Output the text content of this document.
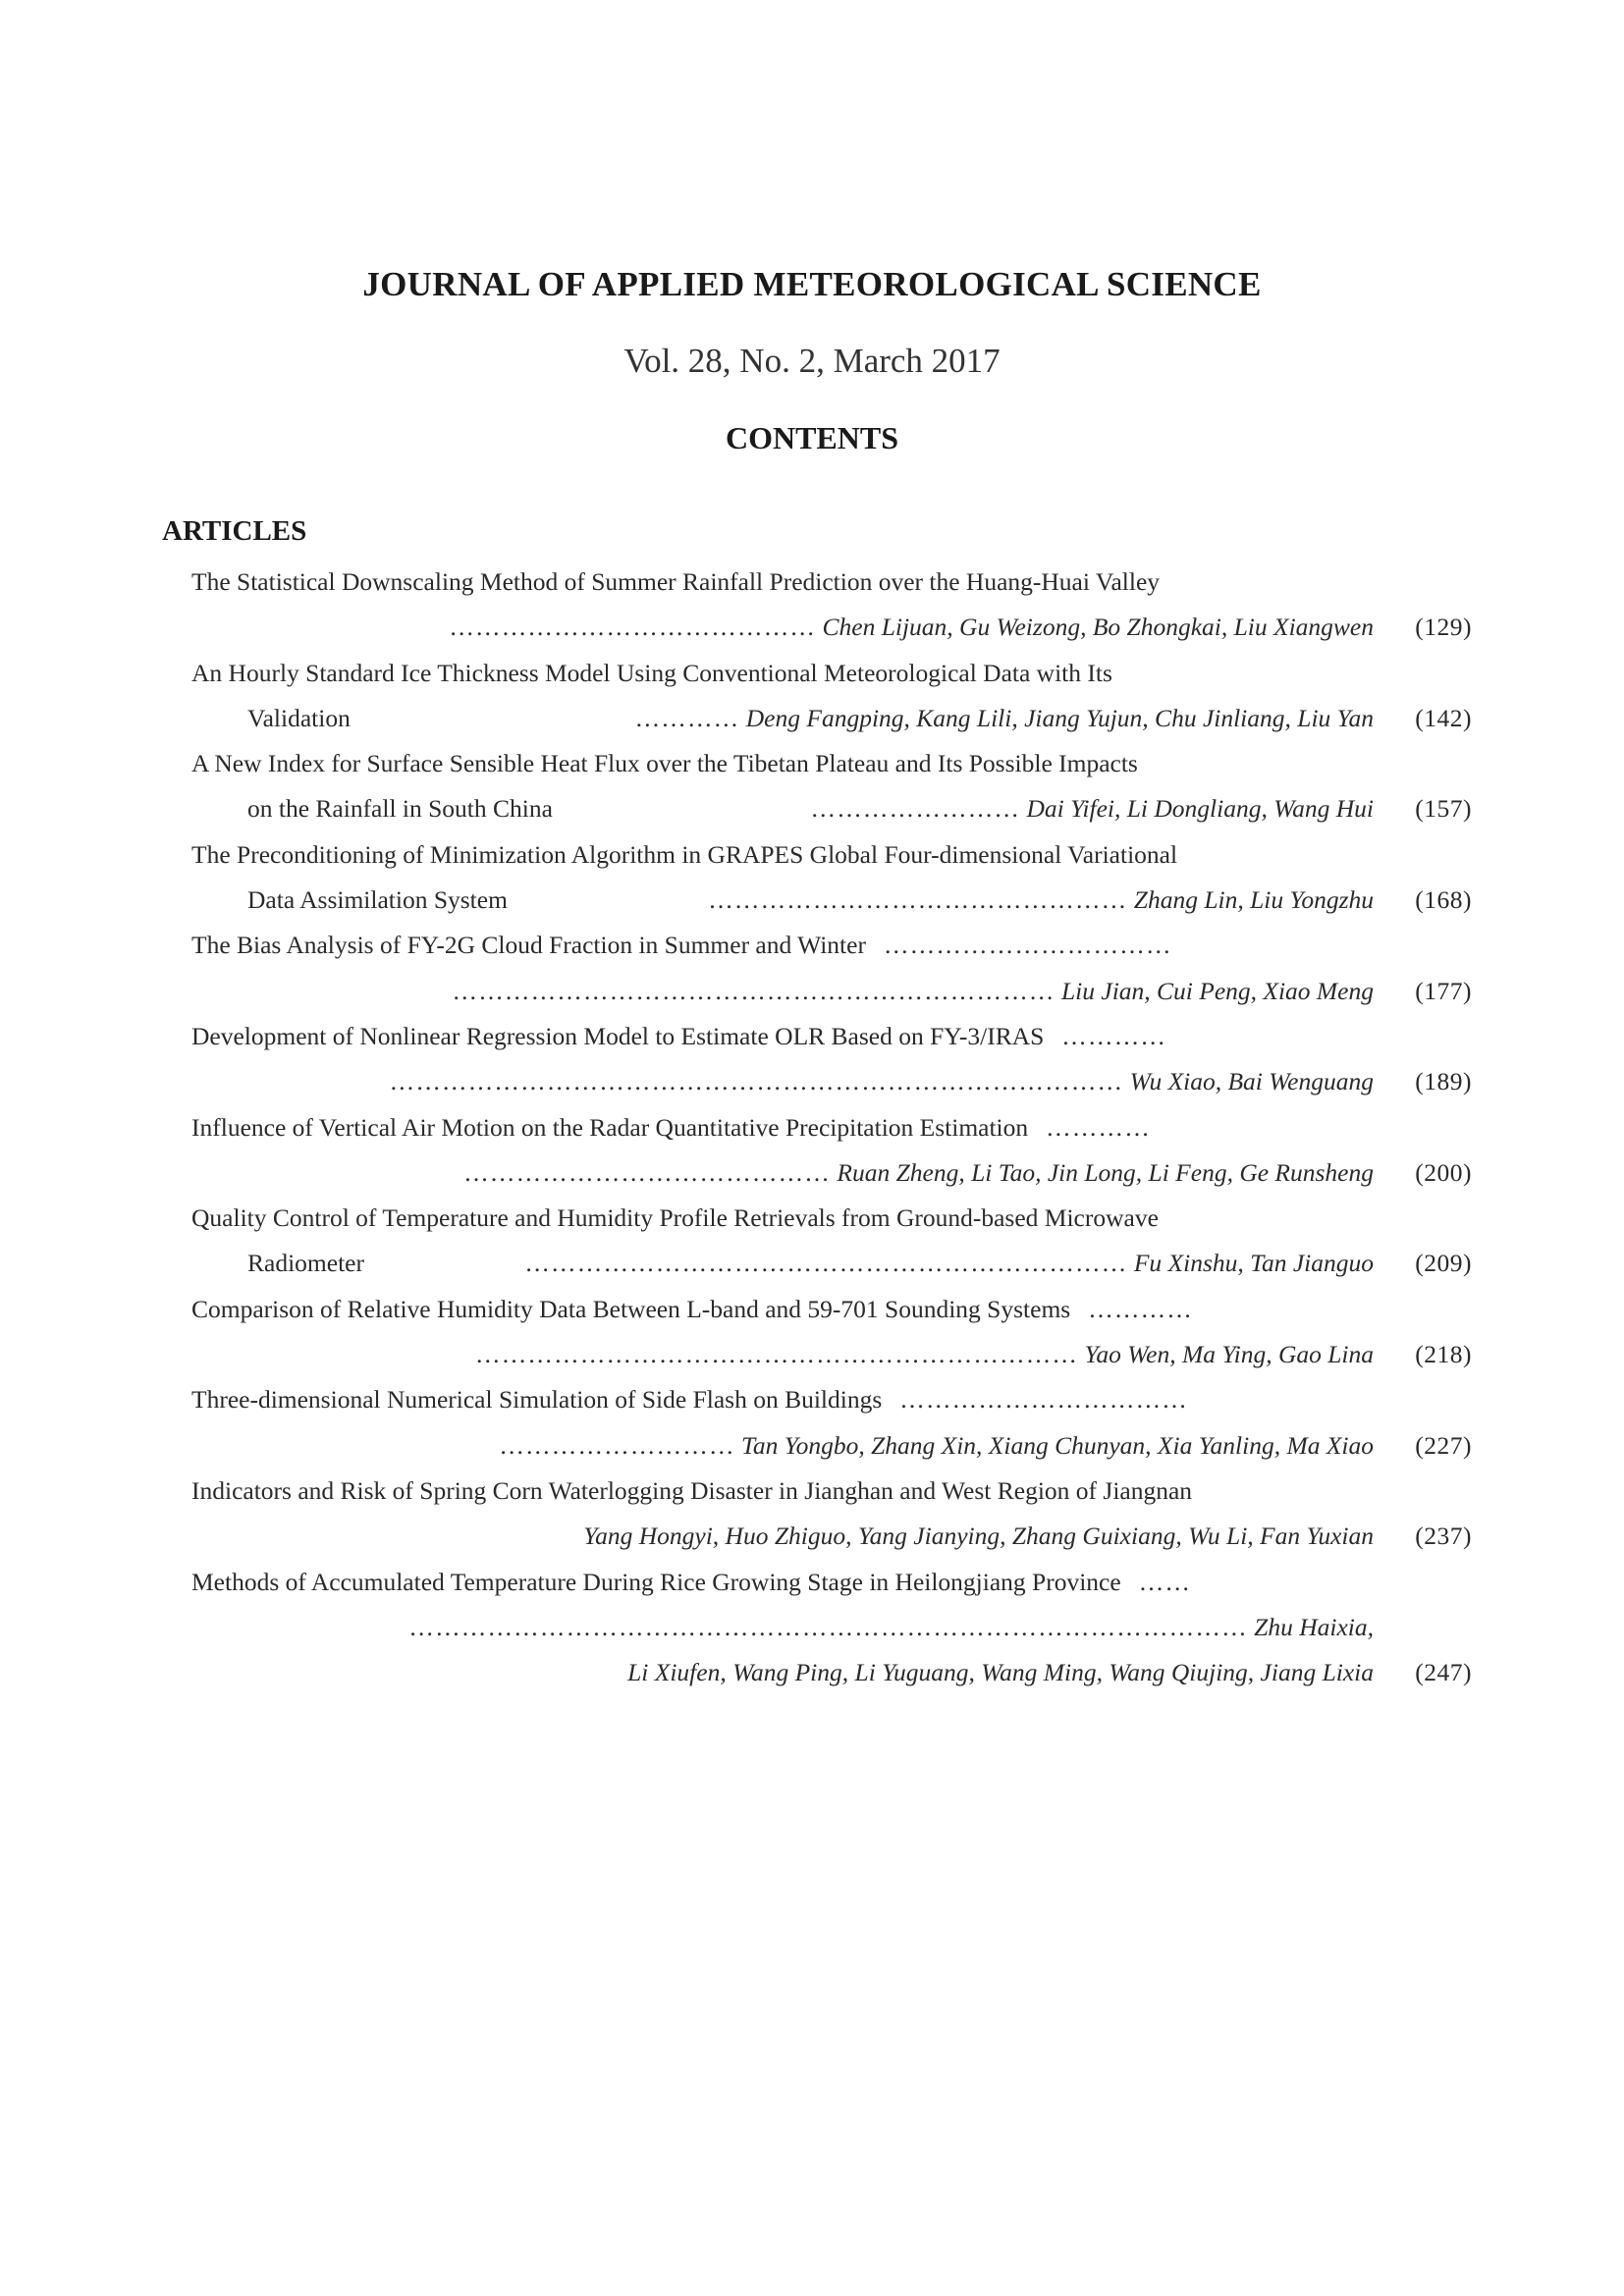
JOURNAL OF APPLIED METEOROLOGICAL SCIENCE
Vol. 28, No. 2, March 2017
CONTENTS
ARTICLES
The Statistical Downscaling Method of Summer Rainfall Prediction over the Huang-Huai Valley
…………………………………… Chen Lijuan, Gu Weizong, Bo Zhongkai, Liu Xiangwen (129)
An Hourly Standard Ice Thickness Model Using Conventional Meteorological Data with Its
Validation	………… Deng Fangping, Kang Lili, Jiang Yujun, Chu Jinliang, Liu Yan (142)
A New Index for Surface Sensible Heat Flux over the Tibetan Plateau and Its Possible Impacts
on the Rainfall in South China	…………………… Dai Yifei, Li Dongliang, Wang Hui (157)
The Preconditioning of Minimization Algorithm in GRAPES Global Four-dimensional Variational
Data Assimilation System	………………………………………… Zhang Lin, Liu Yongzhu (168)
The Bias Analysis of FY-2G Cloud Fraction in Summer and Winter ……………………………
…………………………………………………………… Liu Jian, Cui Peng, Xiao Meng (177)
Development of Nonlinear Regression Model to Estimate OLR Based on FY-3/IRAS …………
………………………………………………………………………… Wu Xiao, Bai Wenguang (189)
Influence of Vertical Air Motion on the Radar Quantitative Precipitation Estimation …………
…………………………………… Ruan Zheng, Li Tao, Jin Long, Li Feng, Ge Runsheng (200)
Quality Control of Temperature and Humidity Profile Retrievals from Ground-based Microwave
Radiometer	…………………………………………………………… Fu Xinshu, Tan Jianguo (209)
Comparison of Relative Humidity Data Between L-band and 59-701 Sounding Systems …………
…………………………………………………………… Yao Wen, Ma Ying, Gao Lina (218)
Three-dimensional Numerical Simulation of Side Flash on Buildings ……………………………
……………………… Tan Yongbo, Zhang Xin, Xiang Chunyan, Xia Yanling, Ma Xiao (227)
Indicators and Risk of Spring Corn Waterlogging Disaster in Jianghan and West Region of Jiangnan
Yang Hongyi, Huo Zhiguo, Yang Jianying, Zhang Guixiang, Wu Li, Fan Yuxian (237)
Methods of Accumulated Temperature During Rice Growing Stage in Heilongjiang Province ……
…………………………………………………………………………………… Zhu Haixia,
Li Xiufen, Wang Ping, Li Yuguang, Wang Ming, Wang Qiujing, Jiang Lixia (247)
